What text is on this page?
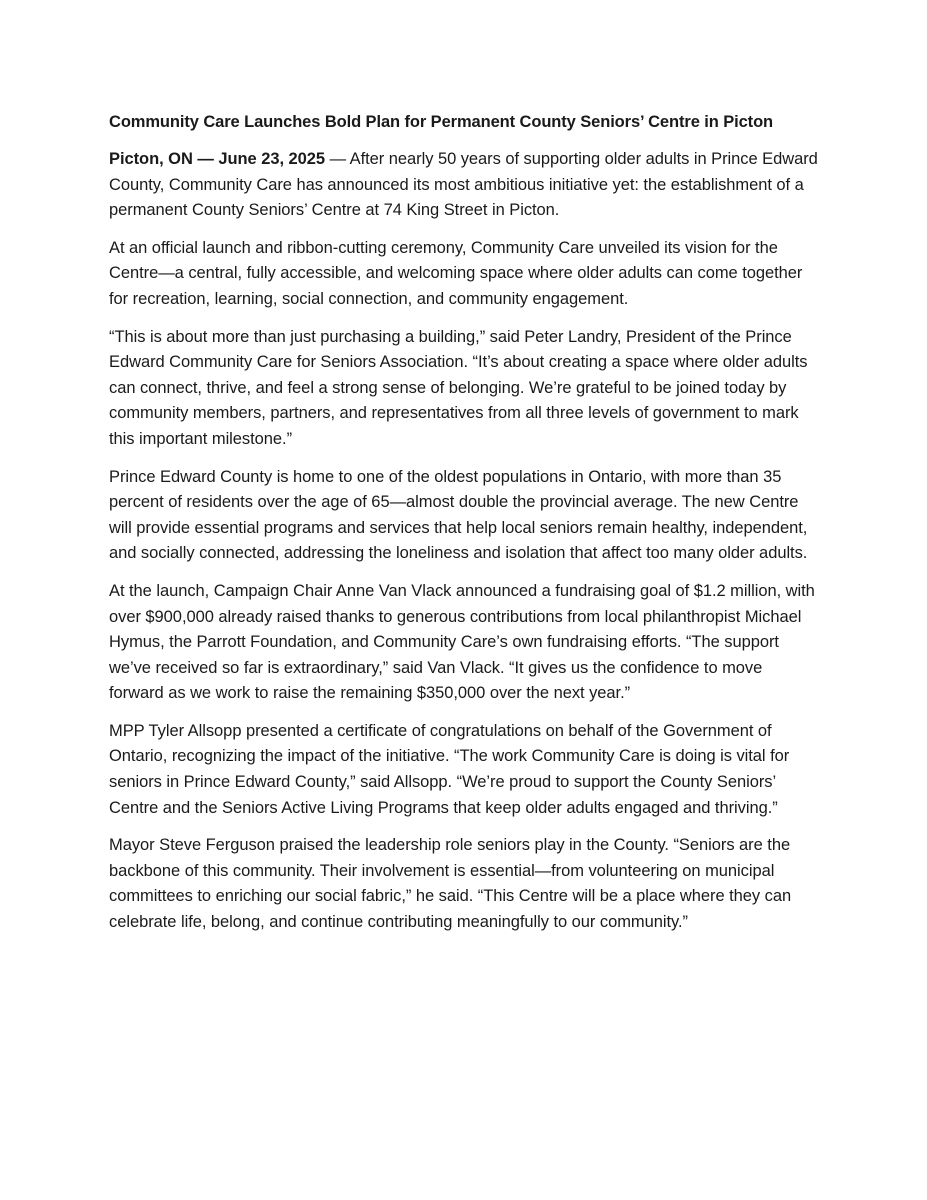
Community Care Launches Bold Plan for Permanent County Seniors’ Centre in Picton

Picton, ON — June 23, 2025 — After nearly 50 years of supporting older adults in Prince Edward County, Community Care has announced its most ambitious initiative yet: the establishment of a permanent County Seniors’ Centre at 74 King Street in Picton.

At an official launch and ribbon-cutting ceremony, Community Care unveiled its vision for the Centre—a central, fully accessible, and welcoming space where older adults can come together for recreation, learning, social connection, and community engagement.

“This is about more than just purchasing a building,” said Peter Landry, President of the Prince Edward Community Care for Seniors Association. “It’s about creating a space where older adults can connect, thrive, and feel a strong sense of belonging. We’re grateful to be joined today by community members, partners, and representatives from all three levels of government to mark this important milestone.”

Prince Edward County is home to one of the oldest populations in Ontario, with more than 35 percent of residents over the age of 65—almost double the provincial average. The new Centre will provide essential programs and services that help local seniors remain healthy, independent, and socially connected, addressing the loneliness and isolation that affect too many older adults.

At the launch, Campaign Chair Anne Van Vlack announced a fundraising goal of $1.2 million, with over $900,000 already raised thanks to generous contributions from local philanthropist Michael Hymus, the Parrott Foundation, and Community Care’s own fundraising efforts. “The support we’ve received so far is extraordinary,” said Van Vlack. “It gives us the confidence to move forward as we work to raise the remaining $350,000 over the next year.”

MPP Tyler Allsopp presented a certificate of congratulations on behalf of the Government of Ontario, recognizing the impact of the initiative. “The work Community Care is doing is vital for seniors in Prince Edward County,” said Allsopp. “We’re proud to support the County Seniors’ Centre and the Seniors Active Living Programs that keep older adults engaged and thriving.”

Mayor Steve Ferguson praised the leadership role seniors play in the County. “Seniors are the backbone of this community. Their involvement is essential—from volunteering on municipal committees to enriching our social fabric,” he said. “This Centre will be a place where they can celebrate life, belong, and continue contributing meaningfully to our community.”
